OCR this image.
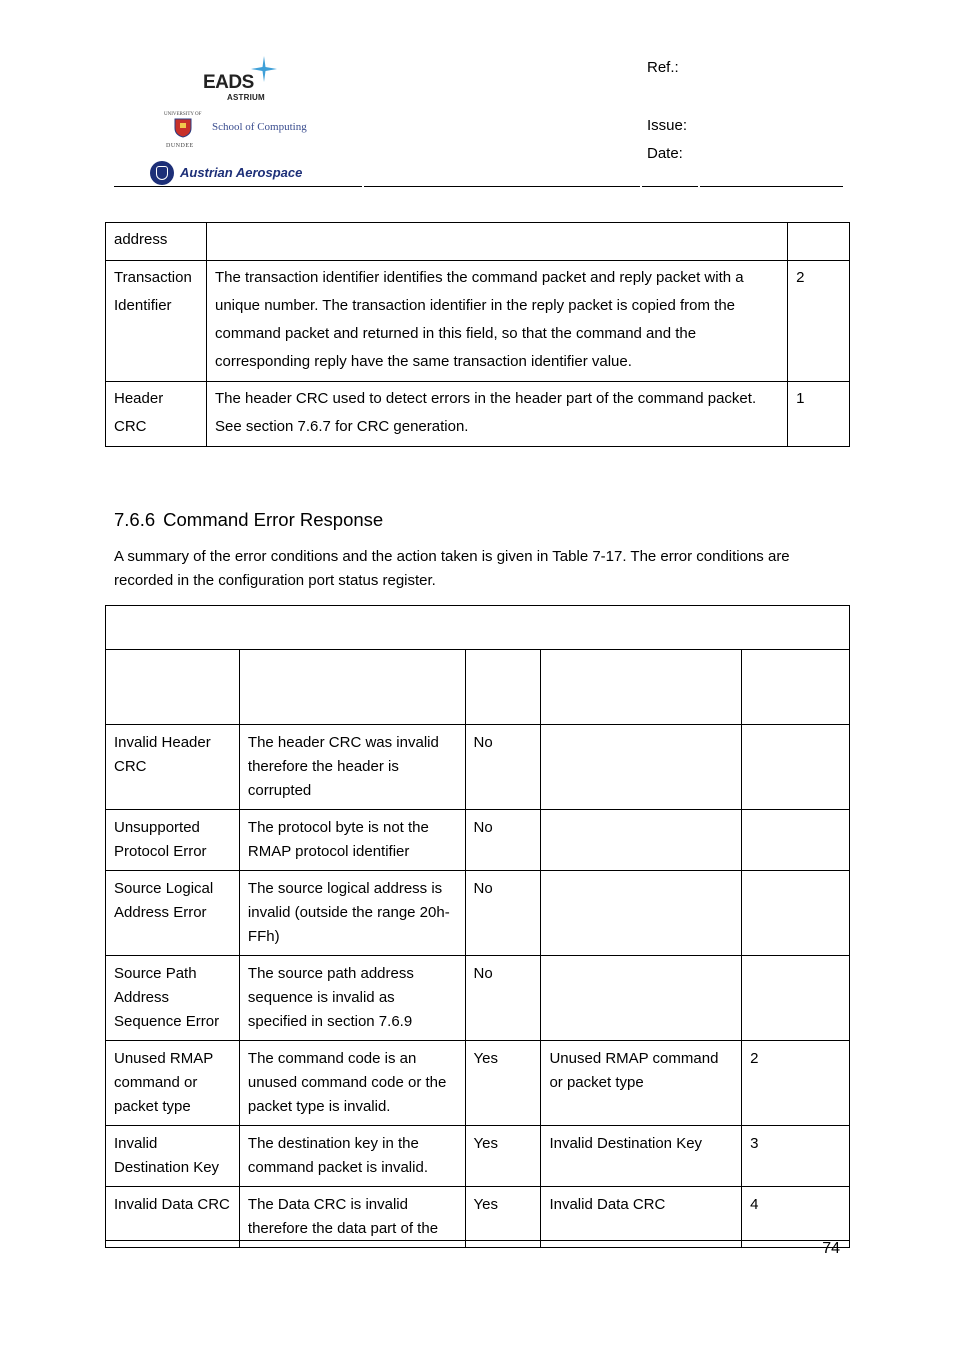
EADS
ASTRIUM
UNIVERSITY OF
School of Computing
DUNDEE
Austrian Aerospace
Ref.:
Issue:
Date:
address		
Transaction Identifier	The transaction identifier identifies the command packet and reply packet with a unique number. The transaction identifier in the reply packet is copied from the command packet and returned in this field, so that the command and the corresponding reply have the same transaction identifier value.	2
Header CRC	The header CRC used to detect errors in the header part of the command packet. See section 7.6.7 for CRC generation.	1
7.6.6 Command Error Response
A summary of the error conditions and the action taken is given in Table 7-17. The error conditions are recorded in the configuration port status register.

Invalid Header CRC	The header CRC was invalid therefore the header is corrupted	No		
Unsupported Protocol Error	The protocol byte is not the RMAP protocol identifier	No		
Source Logical Address Error	The source logical address is invalid (outside the range 20h-FFh)	No		
Source Path Address Sequence Error	The source path address sequence is invalid as specified in section 7.6.9	No		
Unused RMAP command or packet type	The command code is an unused command code or the packet type is invalid.	Yes	Unused RMAP command or packet type	2
Invalid Destination Key	The destination key in the command packet is invalid.	Yes	Invalid Destination Key	3
Invalid Data CRC	The Data CRC is invalid therefore the data part of the	Yes	Invalid Data CRC	4
74
